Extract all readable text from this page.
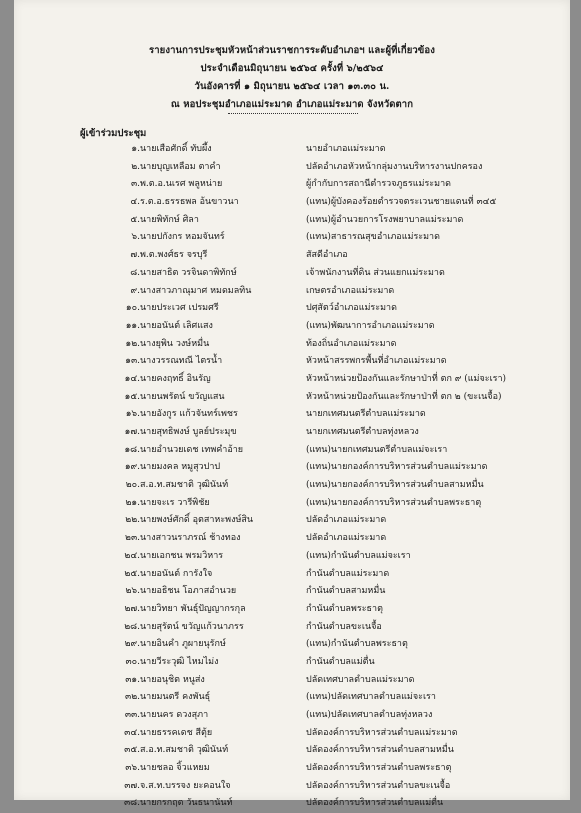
รายงานการประชุมหัวหน้าส่วนราชการระดับอำเภอฯ และผู้ที่เกี่ยวข้อง
ประจำเดือนมิถุนายน ๒๕๖๔ ครั้งที่ ๖/๒๕๖๔
วันอังคารที่ ๑ มิถุนายน ๒๕๖๔ เวลา ๑๓.๓๐ น.
ณ หอประชุมอำเภอแม่ระมาด อำเภอแม่ระมาด จังหวัดตาก
ผู้เข้าร่วมประชุม
๑. นายเสือศักดิ์ ทับผึ้ง	นายอำเภอแม่ระมาด
๒. นายบุญเหลือม ตาคำ	ปลัดอำเภอหัวหน้ากลุ่มงานบริหารงานปกครอง
๓. พ.ต.อ.นเรศ พลูหน่าย	ผู้กำกับการสถานีตำรวจภูธรแม่ระมาด
๔. ร.ต.อ.ธรรธพล อ้นขาวนา	(แทน)ผู้บังคองร้อยตำรวจตระเวนชายแดนที่ ๓๔๕
๕. นายพิทักษ์ ศิลา	(แทน)ผู้อำนวยการโรงพยาบาลแม่ระมาด
๖. นายปกังกร หอมจันทร์	(แทน)สาธารณสุขอำเภอแม่ระมาด
๗. พ.ต.พงศ์ธร จรบุรี	สัสดีอำเภอ
๘. นายสาธิต วรจินดาพิทักษ์	เจ้าพนักงานที่ดิน ส่วนแยกแม่ระมาด
๙. นางสาวภาณุมาศ หมดมลทิน	เกษตรอำเภอแม่ระมาด
๑๐. นายประเวศ เปรมศรี	ปศุสัตว์อำเภอแม่ระมาด
๑๑. นายอนันต์ เลิศแสง	(แทน)พัฒนาการอำเภอแม่ระมาด
๑๒. นางยุพิน วงษ์หมื่น	ท้องถิ่นอำเภอแม่ระมาด
๑๓. นางวรรณทณี ไตรน้ำ	หัวหน้าสรรพกรพื้นที่อำเภอแม่ระมาด
๑๔. นายคงฤทธิ์ อินรัญ	หัวหน้าหน่วยป้องกันและรักษาป่าที่ ตก ๙ (แม่จะเรา)
๑๕. นายนพรัตน์ ขวัญแสน	หัวหน้าหน่วยป้องกันและรักษาป่าที่ ตก ๒ (ขะเนจื้อ)
๑๖. นายอังกูร แก้วจันทร์เพชร	นายกเทศมนตรีตำบลแม่ระมาด
๑๗. นายสุทธิพงษ์ บูลย์ประมุข	นายกเทศมนตรีตำบลทุ่งหลวง
๑๘. นายอำนวยเดช เทพคำอ้าย	(แทน)นายกเทศมนตรีตำบลแม่จะเรา
๑๙. นายมงคล หมูสุวปาป	(แทน)นายกองค์การบริหารส่วนตำบลแม่ระมาด
๒๐. ส.อ.ท.สมชาติ วุฒินันท์	(แทน)นายกองค์การบริหารส่วนตำบลสามหมื่น
๒๑. นายจะเร วารีพิชัย	(แทน)นายกองค์การบริหารส่วนตำบลพระธาตุ
๒๒. นายพงษ์ศักดิ์ อุตสาหะพงษ์สิน	ปลัดอำเภอแม่ระมาด
๒๓. นางสาวนราภรณ์ ช้างทอง	ปลัดอำเภอแม่ระมาด
๒๔. นายเอกชน พรมวิหาร	(แทน)กำนันตำบลแม่จะเรา
๒๕. นายอนันต์ การังใจ	กำนันตำบลแม่ระมาด
๒๖. นายอธิชน โอภาสอำนวย	กำนันตำบลสามหมื่น
๒๗. นายวิทยา พันธุ์ปัญญากรกุล	กำนันตำบลพระธาตุ
๒๘. นายสุรัตน์ ขวัญแก้วนาภรร	กำนันตำบลขะเนจื้อ
๒๙. นายอินคำ ภูผายนุรักษ์	(แทน)กำนันตำบลพระธาตุ
๓๐. นายวีระวุฒิ ไหมไม่ง	กำนันตำบลแม่ตื่น
๓๑. นายอนุชิต หนูส่ง	ปลัดเทศบาลตำบลแม่ระมาด
๓๒. นายมนตรี คงพันธุ์	(แทน)ปลัดเทศบาลตำบลแม่จะเรา
๓๓. นายนคร ดวงสุภา	(แทน)ปลัดเทศบาลตำบลทุ่งหลวง
๓๔. นายธรรคเดช สีตุ้ย	ปลัดองค์การบริหารส่วนตำบลแม่ระมาด
๓๕. ส.อ.ท.สมชาติ วุฒินันท์	ปลัดองค์การบริหารส่วนตำบลสามหมื่น
๓๖. นายชลอ จิ้วแหยม	ปลัดองค์การบริหารส่วนตำบลพระธาตุ
๓๗. จ.ส.ท.บรรจง ยะคอนใจ	ปลัดองค์การบริหารส่วนตำบลขะเนจื้อ
๓๘. นายกรกฤต วันธนานันท์	ปลัดองค์การบริหารส่วนตำบลแม่ตื่น
